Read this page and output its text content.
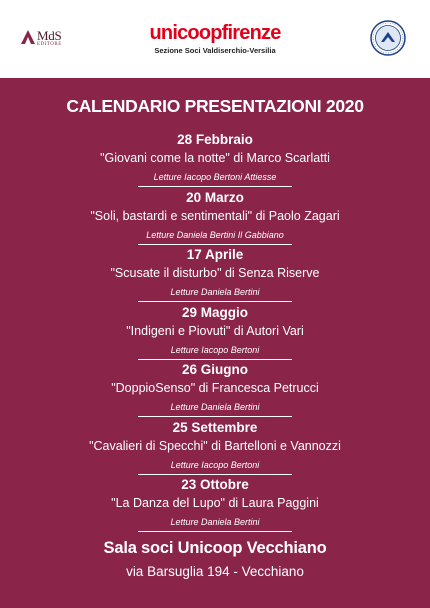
MdS
EDITORE
unicoopfirenze
Sezione Soci Valdiserchio-Versilia
CALENDARIO PRESENTAZIONI 2020
28 Febbraio
"Giovani come la notte" di Marco Scarlatti
Letture Iacopo Bertoni Attiesse
20 Marzo
"Soli, bastardi e sentimentali" di Paolo Zagari
Letture Daniela Bertini Il Gabbiano
17 Aprile
"Scusate il disturbo" di Senza Riserve
Letture Daniela Bertini
29 Maggio
"Indigeni e Piovuti" di Autori Vari
Letture Iacopo Bertoni
26 Giugno
"DoppioSenso" di Francesca Petrucci
Letture Daniela Bertini
25 Settembre
"Cavalieri di Specchi" di Bartelloni e Vannozzi
Letture Iacopo Bertoni
23 Ottobre
"La Danza del Lupo" di Laura Paggini
Letture Daniela Bertini
Sala soci Unicoop Vecchiano
via Barsuglia 194 - Vecchiano
